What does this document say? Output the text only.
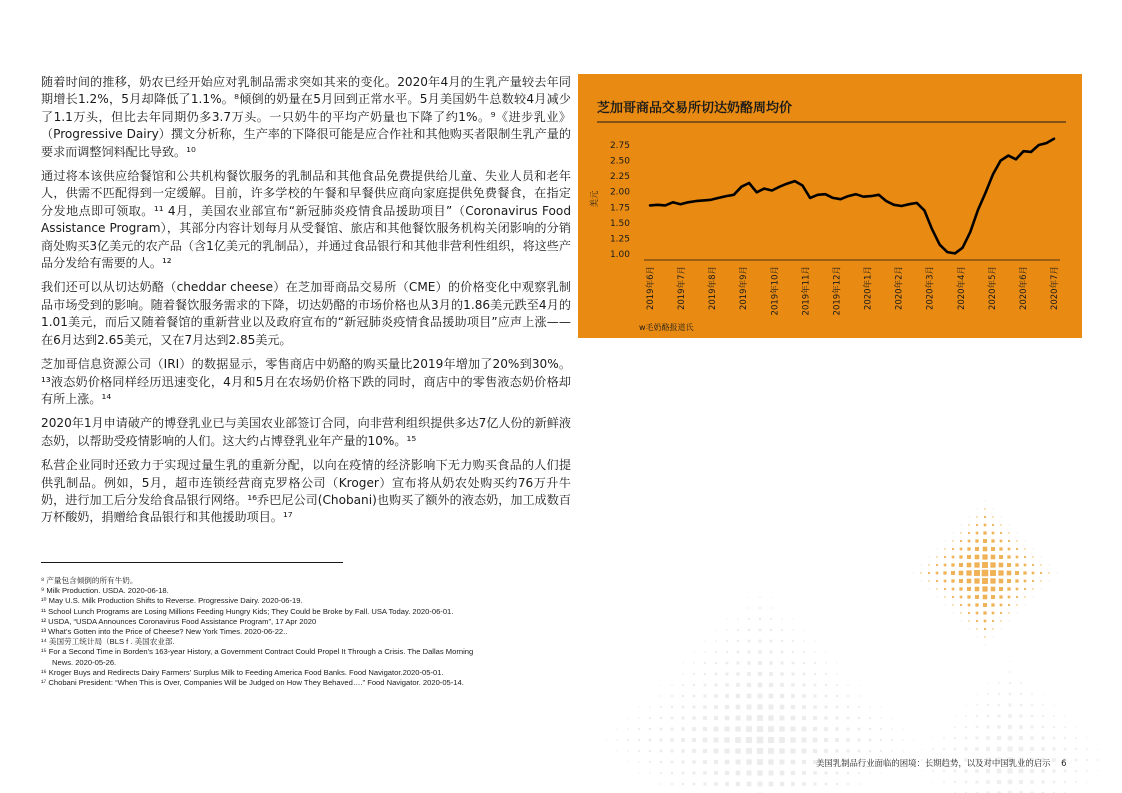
随着时间的推移，奶农已经开始应对乳制品需求突如其来的变化。2020年4月的生乳产量较去年同期增长1.2%，5月却降低了1.1%。⁸倾倒的奶量在5月回到正常水平。5月美国奶牛总数较4月减少了1.1万头，但比去年同期仍多3.7万头。一只奶牛的平均产奶量也下降了约1%。⁹《进步乳业》（Progressive Dairy）撰文分析称，生产率的下降很可能是应合作社和其他购买者限制生乳产量的要求而调整饲料配比导致。¹⁰

通过将本该供应给餐馆和公共机构餐饮服务的乳制品和其他食品免费提供给儿童、失业人员和老年人，供需不匹配得到一定缓解。目前，许多学校的午餐和早餐供应商向家庭提供免费餐食，在指定分发地点即可领取。¹¹ 4月，美国农业部宣布“新冠肺炎疫情食品援助项目”（Coronavirus Food Assistance Program），其部分内容计划每月从受餐馆、旅店和其他餐饮服务机构关闭影响的分销商处购买3亿美元的农产品（含1亿美元的乳制品），并通过食品银行和其他非营利性组织，将这些产品分发给有需要的人。¹²

我们还可以从切达奶酪（cheddar cheese）在芝加哥商品交易所（CME）的价格变化中观察乳制品市场受到的影响。随着餐饮服务需求的下降，切达奶酪的市场价格也从3月的1.86美元跌至4月的1.01美元，而后又随着餐馆的重新营业以及政府宣布的“新冠肺炎疫情食品援助项目”应声上涨——在6月达到2.65美元，又在7月达到2.85美元。

芝加哥信息资源公司（IRI）的数据显示，零售商店中奶酪的购买量比2019年增加了20%到30%。¹³液态奶价格同样经历迅速变化，4月和5月在农场奶价格下跌的同时，商店中的零售液态奶价格却有所上涨。¹⁴

2020年1月申请破产的博登乳业已与美国农业部签订合同，向非营利组织提供多达7亿人份的新鲜液态奶，以帮助受疫情影响的人们。这大约占博登乳业年产量的10%。¹⁵

私营企业同时还致力于实现过量生乳的重新分配，以向在疫情的经济影响下无力购买食品的人们提供乳制品。例如，5月，超市连锁经营商克罗格公司（Kroger）宣布将从奶农处购买约76万升牛奶，进行加工后分发给食品银行网络。¹⁶乔巴尼公司(Chobani)也购买了额外的液态奶，加工成数百万杯酸奶，捐赠给食品银行和其他援助项目。¹⁷

⁸ 产量包含倾倒的所有牛奶。
⁹ Milk Production. USDA. 2020-06-18.
¹⁰ May U.S. Milk Production Shifts to Reverse. Progressive Dairy. 2020-06-19.
¹¹ School Lunch Programs are Losing Millions Feeding Hungry Kids; They Could be Broke by Fall. USA Today. 2020-06-01.
¹² USDA, “USDA Announces Coronavirus Food Assistance Program”, 17 Apr 2020
¹³ What’s Gotten into the Price of Cheese? New York Times. 2020-06-22..
¹⁴ 美国劳工统计局（BLS f . 美国农业部.
¹⁵ For a Second Time in Borden’s 163-year History, a Government Contract Could Propel It Through a Crisis. The Dallas Morning
News. 2020-05-26.
¹⁶ Kroger Buys and Redirects Dairy Farmers’ Surplus Milk to Feeding America Food Banks. Food Navigator.2020-05-01.
¹⁷ Chobani President: “When This is Over, Companies Will be Judged on How They Behaved….” Food Navigator. 2020-05-14.
芝加哥商品交易所切达奶酪周均价
美元
2.75
2.50
2.25
2.00
1.75
1.50
1.25
1.00
2019年6月 2019年7月 2019年8月 2019年9月 2019年10月 2019年11月 2019年12月 2020年1月 2020年2月 2020年3月 2020年4月 2020年5月 2020年6月 2020年7月
w毛奶酪报道氏
美国乳制品行业面临的困境：长期趋势，以及对中国乳业的启示 6
